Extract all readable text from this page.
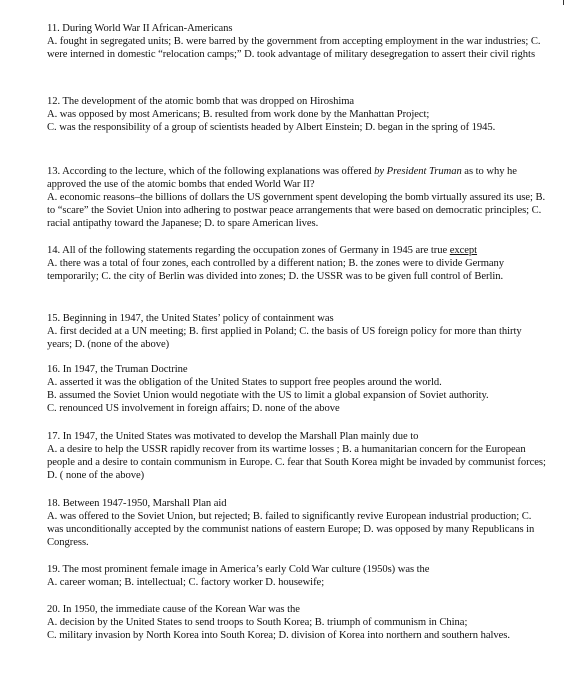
11. During World War II African-Americans

A. fought in segregated units; B. were barred by the government from accepting employment in the war industries; C. were interned in domestic “relocation camps;” D. took advantage of military desegregation to assert their civil rights

12. The development of the atomic bomb that was dropped on Hiroshima

A. was opposed by most Americans; B. resulted from work done by the Manhattan Project;
C. was the responsibility of a group of scientists headed by Albert Einstein; D. began in the spring of 1945.

13. According to the lecture, which of the following explanations was offered by President Truman as to why he approved the use of the atomic bombs that ended World War II?

A. economic reasons–the billions of dollars the US government spent developing the bomb virtually assured its use; B. to “scare” the Soviet Union into adhering to postwar peace arrangements that were based on democratic principles; C. racial antipathy toward the Japanese; D. to spare American lives.

14. All of the following statements regarding the occupation zones of Germany in 1945 are true except

A. there was a total of four zones, each controlled by a different nation; B. the zones were to divide Germany temporarily; C. the city of Berlin was divided into zones; D. the USSR was to be given full control of Berlin.

15. Beginning in 1947, the United States’ policy of containment was

A. first decided at a UN meeting; B. first applied in Poland; C. the basis of US foreign policy for more than thirty years; D. (none of the above)

16. In 1947, the Truman Doctrine

A. asserted it was the obligation of the United States to support free peoples around the world.
B. assumed the Soviet Union would negotiate with the US to limit a global expansion of Soviet authority.
C. renounced US involvement in foreign affairs; D. none of the above

17. In 1947, the United States was motivated to develop the Marshall Plan mainly due to

A. a desire to help the USSR rapidly recover from its wartime losses ; B. a humanitarian concern for the European people and a desire to contain communism in Europe. C. fear that South Korea might be invaded by communist forces; D. ( none of the above)

18. Between 1947-1950, Marshall Plan aid

A. was offered to the Soviet Union, but rejected; B. failed to significantly revive European industrial production; C. was unconditionally accepted by the communist nations of eastern Europe; D. was opposed by many Republicans in Congress.

19. The most prominent female image in America’s early Cold War culture (1950s) was the

A. career woman; B. intellectual; C. factory worker D. housewife;

20. In 1950, the immediate cause of the Korean War was the

A. decision by the United States to send troops to South Korea; B. triumph of communism in China;
C. military invasion by North Korea into South Korea; D. division of Korea into northern and southern halves.
